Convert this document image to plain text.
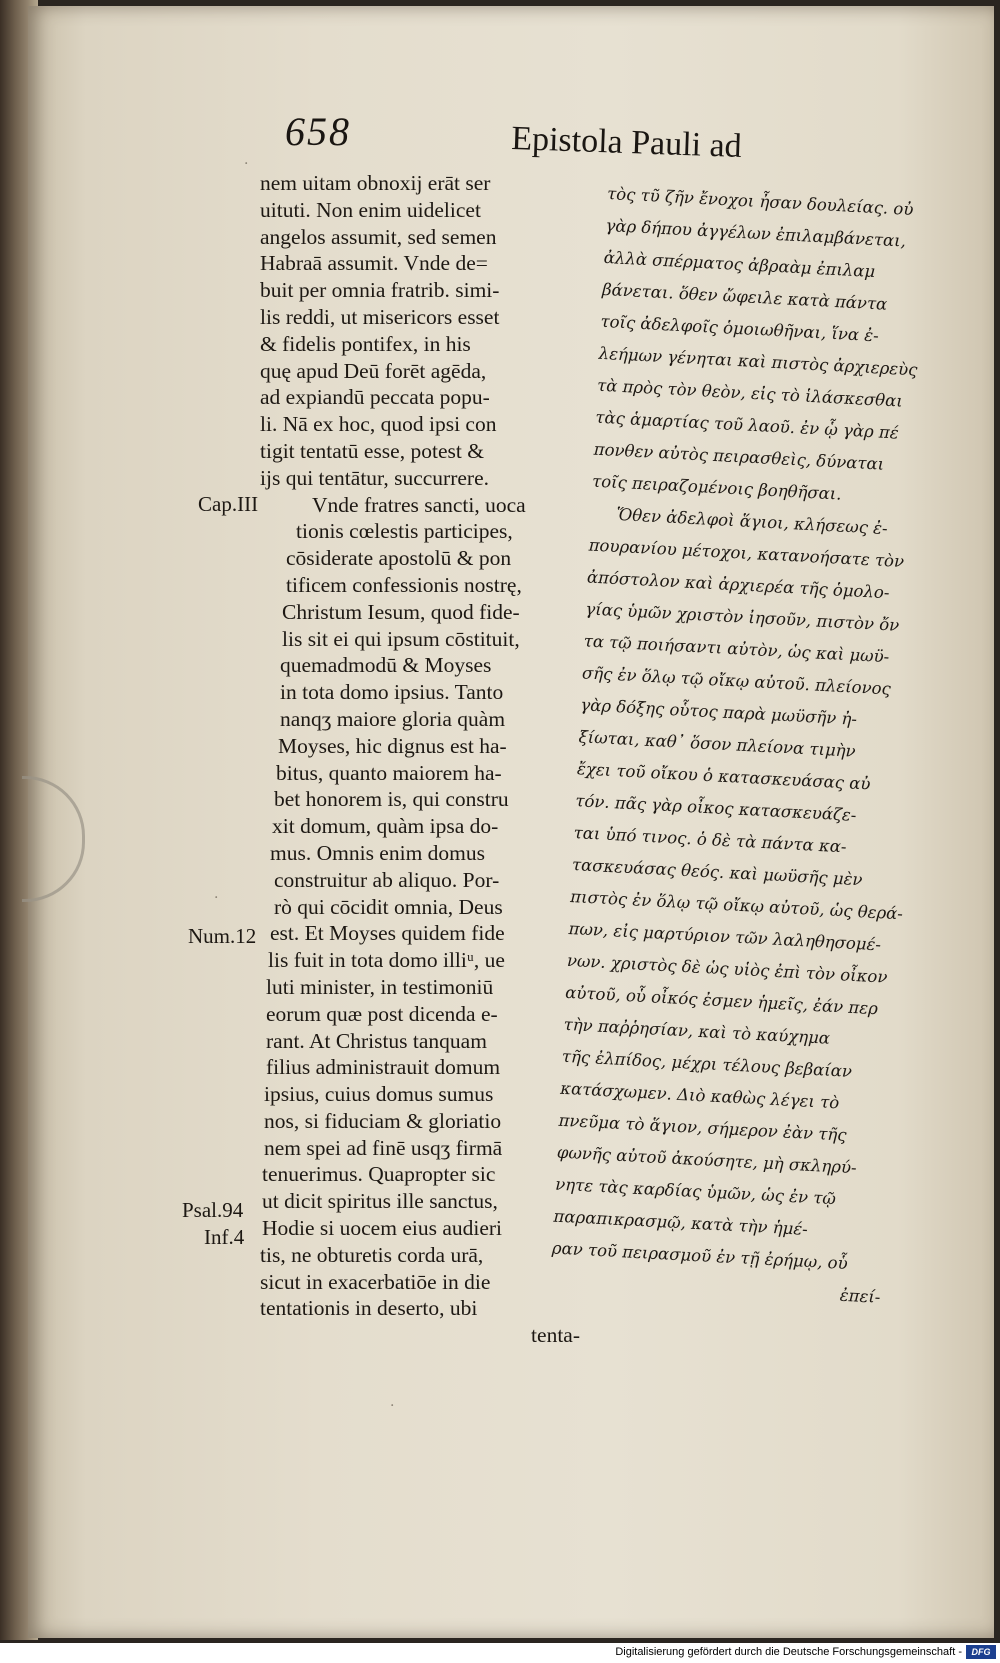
658	Epistola Pauli ad
nem uitam obnoxij erāt ser
uituti. Non enim uidelicet
angelos assumit, sed semen
Habraā assumit. Vnde de=
buit per omnia fratrib. simi-
lis reddi, ut misericors esset
& fidelis pontifex, in his
quę apud Deū forēt agēda,
ad expiandū peccata popu-
li. Nā ex hoc, quod ipsi con
tigit tentatū esse, potest &
ijs qui tentātur, succurrere.
Vnde fratres sancti, uoca
tionis cœlestis participes,
cōsiderate apostolū & pon
tificem confessionis nostrę,
Christum Iesum, quod fide-
lis sit ei qui ipsum cōstituit,
quemadmodū & Moyses
in tota domo ipsius. Tanto
nanqʒ maiore gloria quàm
Moyses, hic dignus est ha-
bitus, quanto maiorem ha-
bet honorem is, qui constru
xit domum, quàm ipsa do-
mus. Omnis enim domus
construitur ab aliquo. Por-
rò qui cōcidit omnia, Deus
est. Et Moyses quidem fide
lis fuit in tota domo illiᵘ, ue
luti minister, in testimoniū
eorum quæ post dicenda e-
rant. At Christus tanquam
filius administrauit domum
ipsius, cuius domus sumus
nos, si fiduciam & gloriatio
nem spei ad finē usqʒ firmā
tenuerimus. Quapropter sic
ut dicit spiritus ille sanctus,
Hodie si uocem eius audieri
tis, ne obturetis corda urā,
sicut in exacerbatiōe in die
tentationis in deserto, ubi
tenta-
Cap.III
Num.12
Psal.94
Inf.4
τὸς τῦ ζῆν ἔνοχοι ἦσαν δουλείας. οὐ
γὰρ δήπου ἀγγέλων ἐπιλαμβάνεται,
ἀλλὰ σπέρματος ἀβραὰμ ἐπιλαμ
βάνεται. ὅθεν ὤφειλε κατὰ πάντα
τοῖς ἀδελφοῖς ὁμοιωθῆναι, ἵνα ἐ-
λεήμων γένηται καὶ πιστὸς ἀρχιερεὺς
τὰ πρὸς τὸν θεὸν, εἰς τὸ ἱλάσκεσθαι
τὰς ἁμαρτίας τοῦ λαοῦ. ἐν ᾧ γὰρ πέ
πονθεν αὐτὸς πειρασθεὶς, δύναται
τοῖς πειραζομένοις βοηθῆσαι.
Ὅθεν ἀδελφοὶ ἅγιοι, κλήσεως ἐ-
πουρανίου μέτοχοι, κατανοήσατε τὸν
ἀπόστολον καὶ ἀρχιερέα τῆς ὁμολο-
γίας ὑμῶν χριστὸν ἰησοῦν, πιστὸν ὄν
τα τῷ ποιήσαντι αὐτὸν, ὡς καὶ μωϋ-
σῆς ἐν ὅλῳ τῷ οἴκῳ αὐτοῦ. πλείονος
γὰρ δόξης οὗτος παρὰ μωϋσῆν ἠ-
ξίωται, καθ᾽ ὅσον πλείονα τιμὴν
ἔχει τοῦ οἴκου ὁ κατασκευάσας αὐ
τόν. πᾶς γὰρ οἶκος κατασκευάζε-
ται ὑπό τινος. ὁ δὲ τὰ πάντα κα-
τασκευάσας θεός. καὶ μωϋσῆς μὲν
πιστὸς ἐν ὅλῳ τῷ οἴκῳ αὐτοῦ, ὡς θερά-
πων, εἰς μαρτύριον τῶν λαληθησομέ-
νων. χριστὸς δὲ ὡς υἱὸς ἐπὶ τὸν οἶκον
αὐτοῦ, οὗ οἶκός ἐσμεν ἡμεῖς, ἐάν περ
τὴν παῤῥησίαν, καὶ τὸ καύχημα
τῆς ἐλπίδος, μέχρι τέλους βεβαίαν
κατάσχωμεν. Διὸ καθὼς λέγει τὸ
πνεῦμα τὸ ἅγιον, σήμερον ἐὰν τῆς
φωνῆς αὐτοῦ ἀκούσητε, μὴ σκληρύ-
νητε τὰς καρδίας ὑμῶν, ὡς ἐν τῷ
παραπικρασμῷ, κατὰ τὴν ἡμέ-
ραν τοῦ πειρασμοῦ ἐν τῇ ἐρήμῳ, οὗ
ἐπεί-
·
·
·
Digitalisierung gefördert durch die Deutsche Forschungsgemeinschaft -	DFG
